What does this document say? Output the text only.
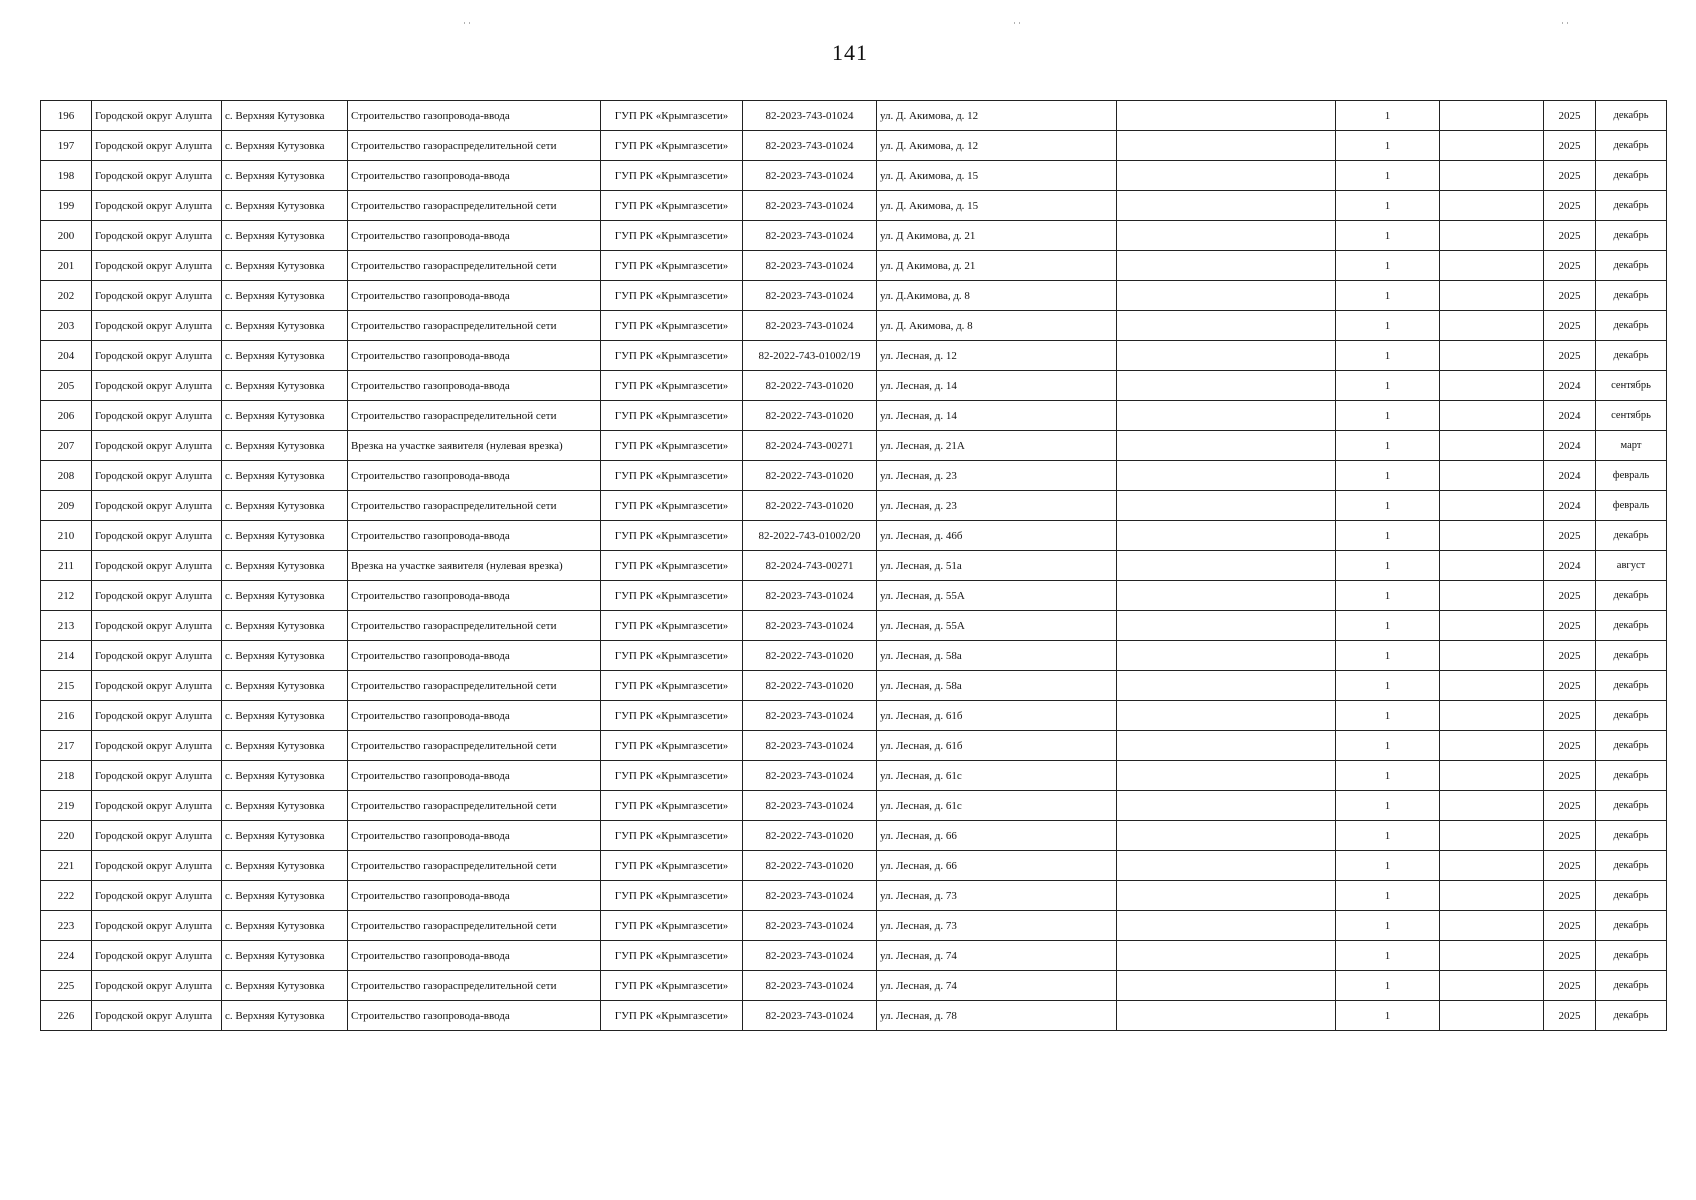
141
˙˙	˙˙	˙˙
196	Городской округ Алушта	с. Верхняя Кутузовка	Строительство газопровода-ввода	ГУП РК «Крымгазсети»	82-2023-743-01024	ул. Д. Акимова, д. 12		1		2025	декабрь
197	Городской округ Алушта	с. Верхняя Кутузовка	Строительство газораспределительной сети	ГУП РК «Крымгазсети»	82-2023-743-01024	ул. Д. Акимова, д. 12		1		2025	декабрь
198	Городской округ Алушта	с. Верхняя Кутузовка	Строительство газопровода-ввода	ГУП РК «Крымгазсети»	82-2023-743-01024	ул. Д. Акимова, д. 15		1		2025	декабрь
199	Городской округ Алушта	с. Верхняя Кутузовка	Строительство газораспределительной сети	ГУП РК «Крымгазсети»	82-2023-743-01024	ул. Д. Акимова, д. 15		1		2025	декабрь
200	Городской округ Алушта	с. Верхняя Кутузовка	Строительство газопровода-ввода	ГУП РК «Крымгазсети»	82-2023-743-01024	ул. Д Акимова, д. 21		1		2025	декабрь
201	Городской округ Алушта	с. Верхняя Кутузовка	Строительство газораспределительной сети	ГУП РК «Крымгазсети»	82-2023-743-01024	ул. Д Акимова, д. 21		1		2025	декабрь
202	Городской округ Алушта	с. Верхняя Кутузовка	Строительство газопровода-ввода	ГУП РК «Крымгазсети»	82-2023-743-01024	ул. Д.Акимова, д. 8		1		2025	декабрь
203	Городской округ Алушта	с. Верхняя Кутузовка	Строительство газораспределительной сети	ГУП РК «Крымгазсети»	82-2023-743-01024	ул. Д. Акимова, д. 8		1		2025	декабрь
204	Городской округ Алушта	с. Верхняя Кутузовка	Строительство газопровода-ввода	ГУП РК «Крымгазсети»	82-2022-743-01002/19	ул. Лесная, д. 12		1		2025	декабрь
205	Городской округ Алушта	с. Верхняя Кутузовка	Строительство газопровода-ввода	ГУП РК «Крымгазсети»	82-2022-743-01020	ул. Лесная, д. 14		1		2024	сентябрь
206	Городской округ Алушта	с. Верхняя Кутузовка	Строительство газораспределительной сети	ГУП РК «Крымгазсети»	82-2022-743-01020	ул. Лесная, д. 14		1		2024	сентябрь
207	Городской округ Алушта	с. Верхняя Кутузовка	Врезка на участке заявителя (нулевая врезка)	ГУП РК «Крымгазсети»	82-2024-743-00271	ул. Лесная, д. 21А		1		2024	март
208	Городской округ Алушта	с. Верхняя Кутузовка	Строительство газопровода-ввода	ГУП РК «Крымгазсети»	82-2022-743-01020	ул. Лесная, д. 23		1		2024	февраль
209	Городской округ Алушта	с. Верхняя Кутузовка	Строительство газораспределительной сети	ГУП РК «Крымгазсети»	82-2022-743-01020	ул. Лесная, д. 23		1		2024	февраль
210	Городской округ Алушта	с. Верхняя Кутузовка	Строительство газопровода-ввода	ГУП РК «Крымгазсети»	82-2022-743-01002/20	ул. Лесная, д. 46б		1		2025	декабрь
211	Городской округ Алушта	с. Верхняя Кутузовка	Врезка на участке заявителя (нулевая врезка)	ГУП РК «Крымгазсети»	82-2024-743-00271	ул. Лесная, д. 51а		1		2024	август
212	Городской округ Алушта	с. Верхняя Кутузовка	Строительство газопровода-ввода	ГУП РК «Крымгазсети»	82-2023-743-01024	ул. Лесная, д. 55А		1		2025	декабрь
213	Городской округ Алушта	с. Верхняя Кутузовка	Строительство газораспределительной сети	ГУП РК «Крымгазсети»	82-2023-743-01024	ул. Лесная, д. 55А		1		2025	декабрь
214	Городской округ Алушта	с. Верхняя Кутузовка	Строительство газопровода-ввода	ГУП РК «Крымгазсети»	82-2022-743-01020	ул. Лесная, д. 58а		1		2025	декабрь
215	Городской округ Алушта	с. Верхняя Кутузовка	Строительство газораспределительной сети	ГУП РК «Крымгазсети»	82-2022-743-01020	ул. Лесная, д. 58а		1		2025	декабрь
216	Городской округ Алушта	с. Верхняя Кутузовка	Строительство газопровода-ввода	ГУП РК «Крымгазсети»	82-2023-743-01024	ул. Лесная, д. 61б		1		2025	декабрь
217	Городской округ Алушта	с. Верхняя Кутузовка	Строительство газораспределительной сети	ГУП РК «Крымгазсети»	82-2023-743-01024	ул. Лесная, д. 61б		1		2025	декабрь
218	Городской округ Алушта	с. Верхняя Кутузовка	Строительство газопровода-ввода	ГУП РК «Крымгазсети»	82-2023-743-01024	ул. Лесная, д. 61с		1		2025	декабрь
219	Городской округ Алушта	с. Верхняя Кутузовка	Строительство газораспределительной сети	ГУП РК «Крымгазсети»	82-2023-743-01024	ул. Лесная, д. 61с		1		2025	декабрь
220	Городской округ Алушта	с. Верхняя Кутузовка	Строительство газопровода-ввода	ГУП РК «Крымгазсети»	82-2022-743-01020	ул. Лесная, д. 66		1		2025	декабрь
221	Городской округ Алушта	с. Верхняя Кутузовка	Строительство газораспределительной сети	ГУП РК «Крымгазсети»	82-2022-743-01020	ул. Лесная, д. 66		1		2025	декабрь
222	Городской округ Алушта	с. Верхняя Кутузовка	Строительство газопровода-ввода	ГУП РК «Крымгазсети»	82-2023-743-01024	ул. Лесная, д. 73		1		2025	декабрь
223	Городской округ Алушта	с. Верхняя Кутузовка	Строительство газораспределительной сети	ГУП РК «Крымгазсети»	82-2023-743-01024	ул. Лесная, д. 73		1		2025	декабрь
224	Городской округ Алушта	с. Верхняя Кутузовка	Строительство газопровода-ввода	ГУП РК «Крымгазсети»	82-2023-743-01024	ул. Лесная, д. 74		1		2025	декабрь
225	Городской округ Алушта	с. Верхняя Кутузовка	Строительство газораспределительной сети	ГУП РК «Крымгазсети»	82-2023-743-01024	ул. Лесная, д. 74		1		2025	декабрь
226	Городской округ Алушта	с. Верхняя Кутузовка	Строительство газопровода-ввода	ГУП РК «Крымгазсети»	82-2023-743-01024	ул. Лесная, д. 78		1		2025	декабрь
